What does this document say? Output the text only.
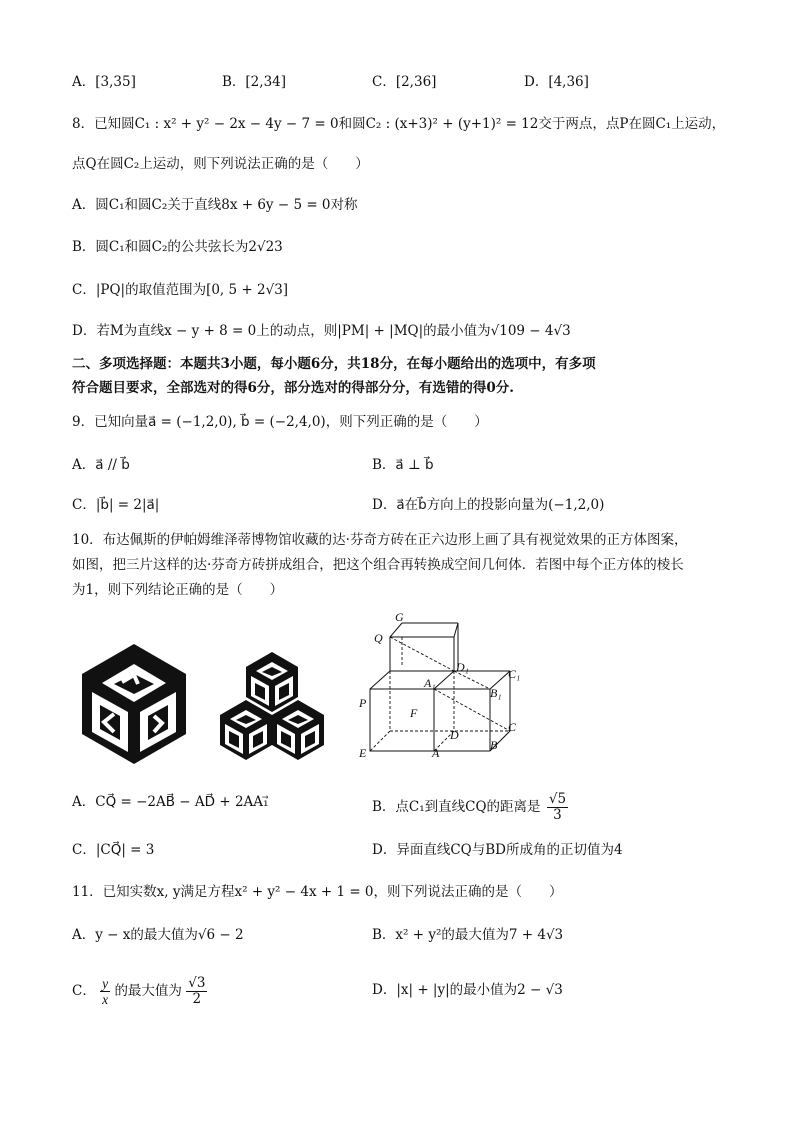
A．[3,35]	B．[2,34]	C．[2,36]	D．[4,36]
8．已知圆C₁ : x² + y² − 2x − 4y − 7 = 0和圆C₂ : (x+3)² + (y+1)² = 12交于两点，点P在圆C₁上运动，
点Q在圆C₂上运动，则下列说法正确的是（　　）
A．圆C₁和圆C₂关于直线8x + 6y − 5 = 0对称
B．圆C₁和圆C₂的公共弦长为2√23
C．|PQ|的取值范围为[0, 5 + 2√3]
D．若M为直线x − y + 8 = 0上的动点，则|PM| + |MQ|的最小值为√109 − 4√3
二、多项选择题：本题共3小题，每小题6分，共18分，在每小题给出的选项中，有多项
符合题目要求，全部选对的得6分，部分选对的得部分分，有选错的得0分.
9．已知向量a⃗ = (−1,2,0), b⃗ = (−2,4,0)，则下列正确的是（　　）
A．a⃗ // b⃗	B．a⃗ ⊥ b⃗
C．|b⃗| = 2|a⃗|	D．a⃗在b⃗方向上的投影向量为(−1,2,0)
10．布达佩斯的伊帕姆维泽蒂博物馆收藏的达·芬奇方砖在正六边形上画了具有视觉效果的正方体图案，
如图，把三片这样的达·芬奇方砖拼成组合，把这个组合再转换成空间几何体．若图中每个正方体的棱长
为1，则下列结论正确的是（　　）
G
Q
D₁	C₁
A₁
B₁
P
F
C
D
E	A
B
A．CQ⃗ = −2AB⃗ − AD⃗ + 2AA₁⃗	B．点C₁到直线CQ的距离是 $\frac{√5}{3}$
C．|CQ⃗| = 3	D．异面直线CQ与BD所成角的正切值为4
11．已知实数x, y满足方程x² + y² − 4x + 1 = 0，则下列说法正确的是（　　）
A．y − x的最大值为√6 − 2	B．x² + y²的最大值为7 + 4√3
C． $\frac{y}{x}$ 的最大值为 $\frac{√3}{2}$	D．|x| + |y|的最小值为2 − √3
